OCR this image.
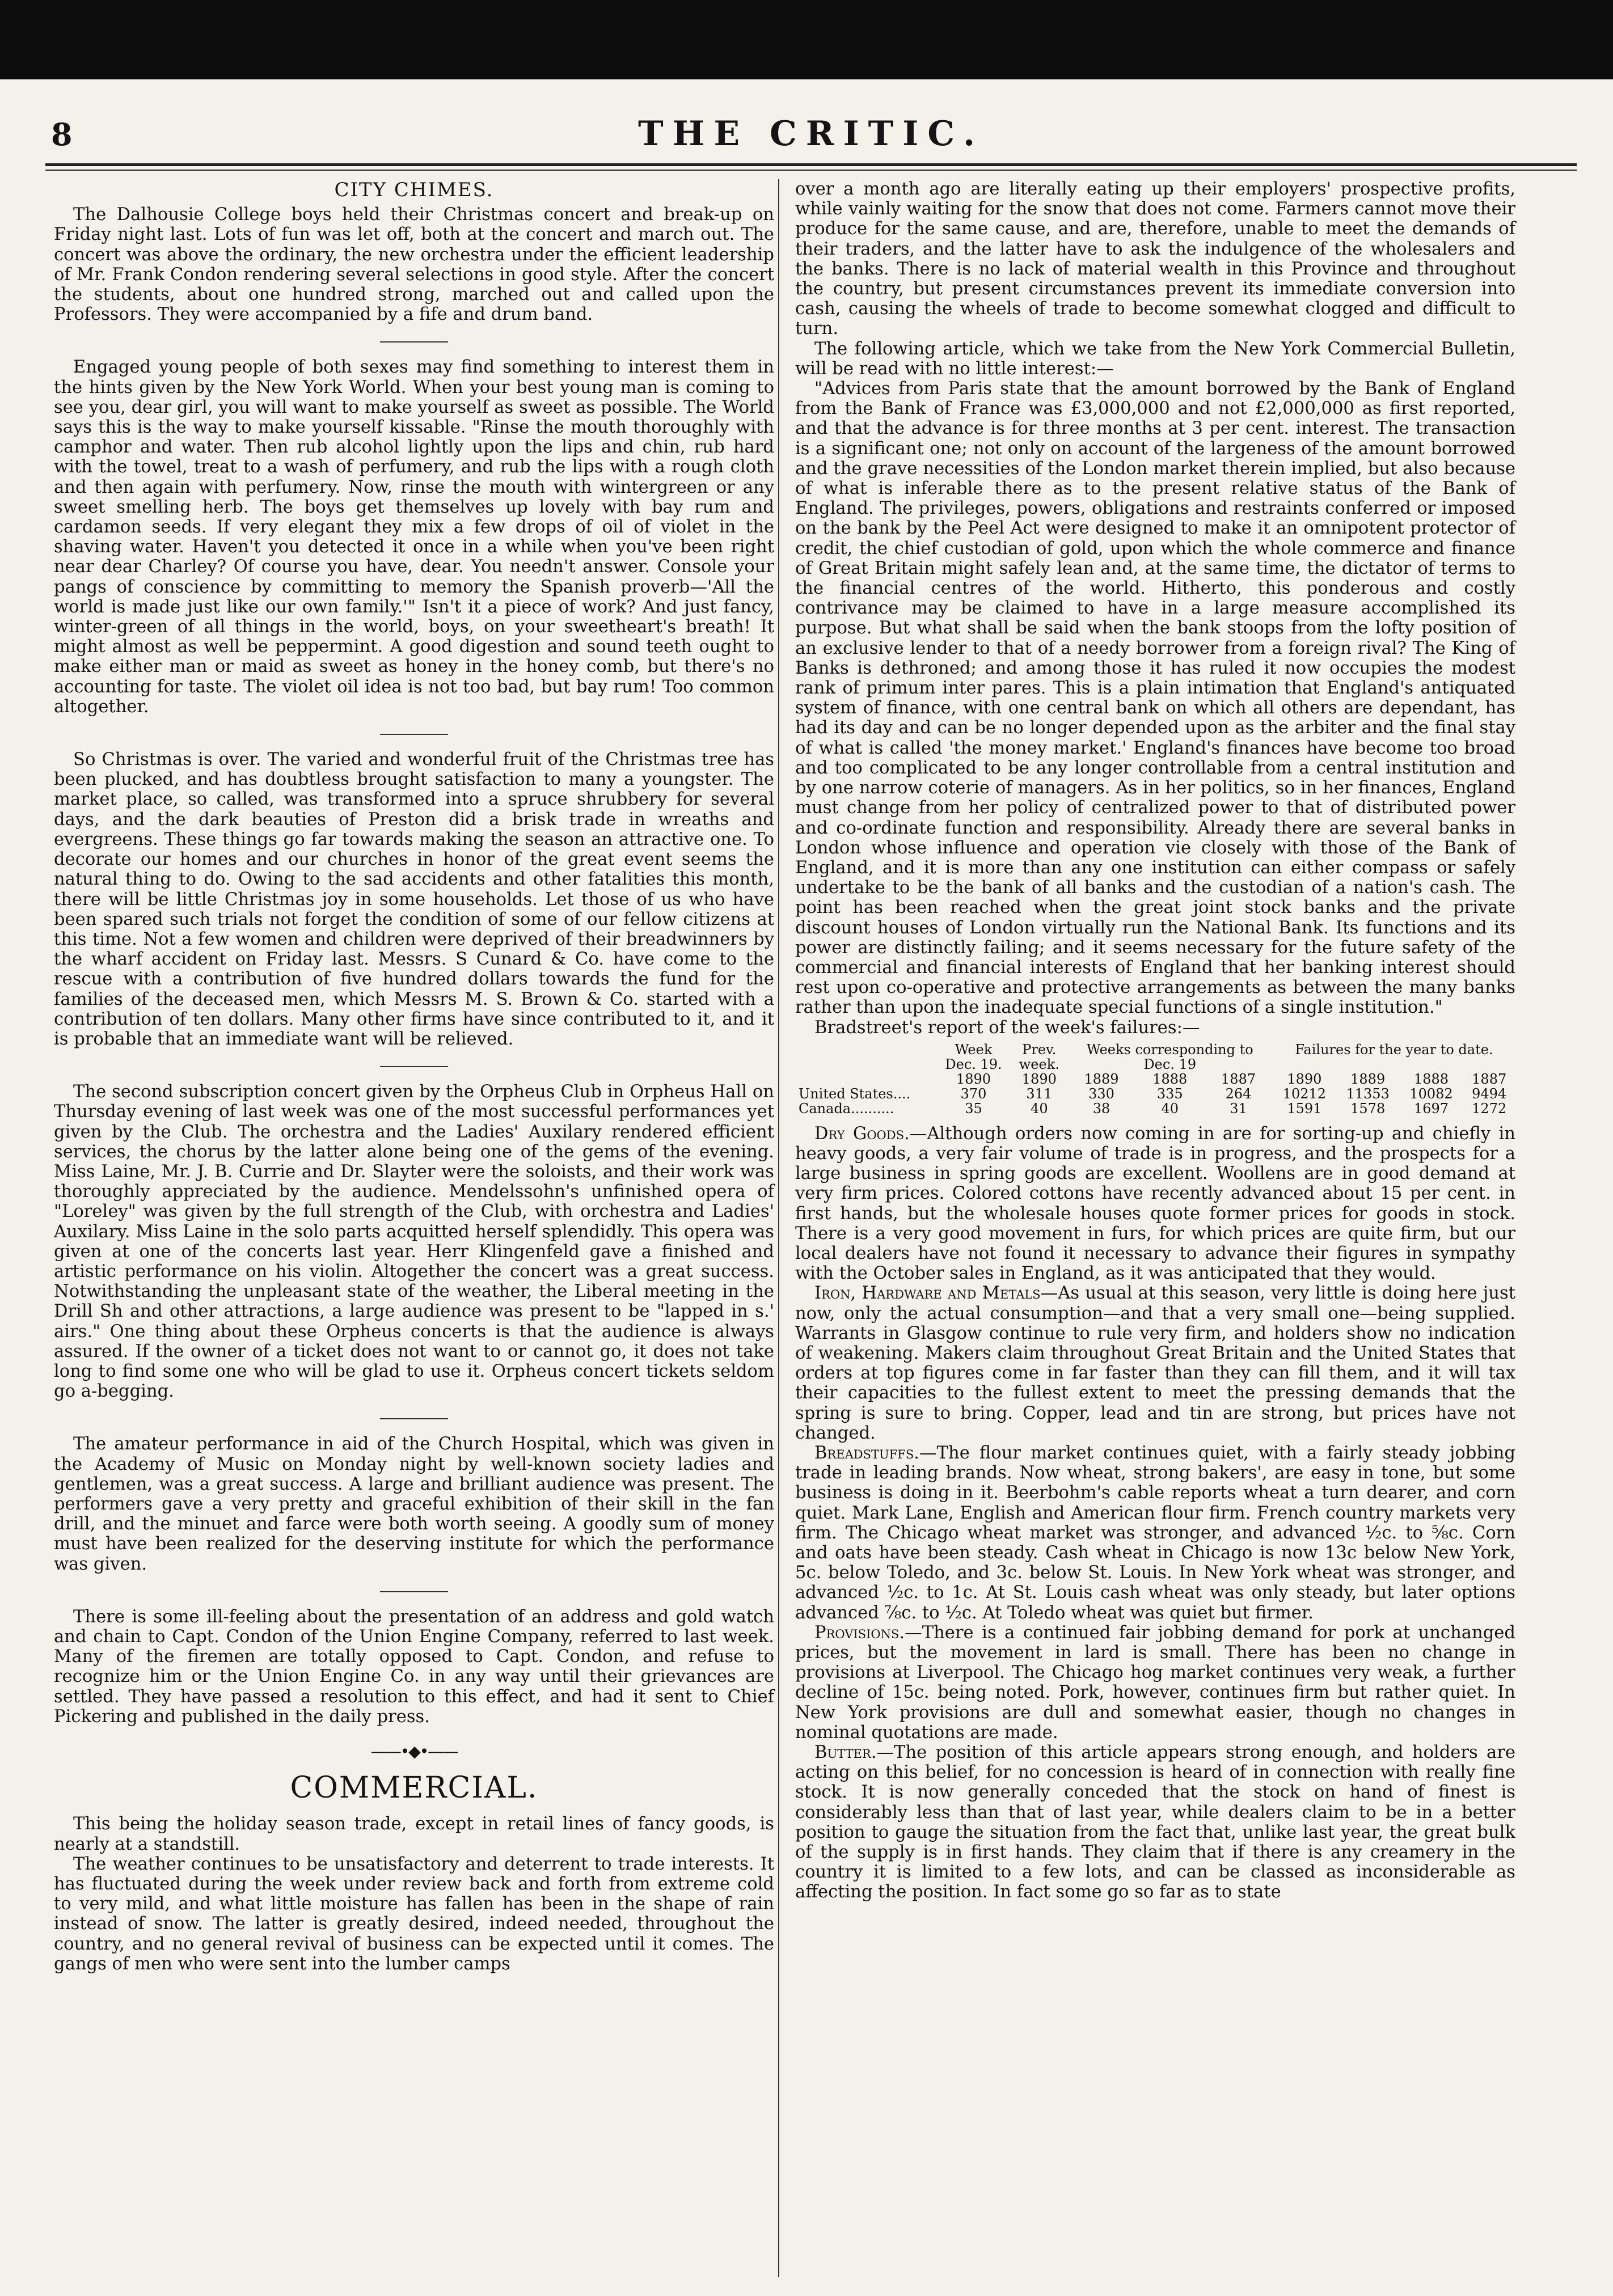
8	THE CRITIC.
CITY CHIMES.

The Dalhousie College boys held their Christmas concert and break-up on Friday night last. Lots of fun was let off, both at the concert and march out. The concert was above the ordinary, the new orchestra under the efficient leadership of Mr. Frank Condon rendering several selections in good style. After the concert the students, about one hundred strong, marched out and called upon the Professors. They were accompanied by a fife and drum band.

Engaged young people of both sexes may find something to interest them in the hints given by the New York World. When your best young man is coming to see you, dear girl, you will want to make yourself as sweet as possible. The World says this is the way to make yourself kissable. "Rinse the mouth thoroughly with camphor and water. Then rub alcohol lightly upon the lips and chin, rub hard with the towel, treat to a wash of perfumery, and rub the lips with a rough cloth and then again with perfumery. Now, rinse the mouth with wintergreen or any sweet smelling herb. The boys get themselves up lovely with bay rum and cardamon seeds. If very elegant they mix a few drops of oil of violet in the shaving water. Haven't you detected it once in a while when you've been right near dear Charley? Of course you have, dear. You needn't answer. Console your pangs of conscience by committing to memory the Spanish proverb—'All the world is made just like our own family.'" Isn't it a piece of work? And just fancy, winter-green of all things in the world, boys, on your sweetheart's breath! It might almost as well be peppermint. A good digestion and sound teeth ought to make either man or maid as sweet as honey in the honey comb, but there's no accounting for taste. The violet oil idea is not too bad, but bay rum! Too common altogether.

So Christmas is over. The varied and wonderful fruit of the Christmas tree has been plucked, and has doubtless brought satisfaction to many a youngster. The market place, so called, was transformed into a spruce shrubbery for several days, and the dark beauties of Preston did a brisk trade in wreaths and evergreens. These things go far towards making the season an attractive one. To decorate our homes and our churches in honor of the great event seems the natural thing to do. Owing to the sad accidents and other fatalities this month, there will be little Christmas joy in some households. Let those of us who have been spared such trials not forget the condition of some of our fellow citizens at this time. Not a few women and children were deprived of their breadwinners by the wharf accident on Friday last. Messrs. S Cunard & Co. have come to the rescue with a contribution of five hundred dollars towards the fund for the families of the deceased men, which Messrs M. S. Brown & Co. started with a contribution of ten dollars. Many other firms have since contributed to it, and it is probable that an immediate want will be relieved.

The second subscription concert given by the Orpheus Club in Orpheus Hall on Thursday evening of last week was one of the most successful performances yet given by the Club. The orchestra and the Ladies' Auxilary rendered efficient services, the chorus by the latter alone being one of the gems of the evening. Miss Laine, Mr. J. B. Currie and Dr. Slayter were the soloists, and their work was thoroughly appreciated by the audience. Mendelssohn's unfinished opera of "Loreley" was given by the full strength of the Club, with orchestra and Ladies' Auxilary. Miss Laine in the solo parts acquitted herself splendidly. This opera was given at one of the concerts last year. Herr Klingenfeld gave a finished and artistic performance on his violin. Altogether the concert was a great success. Notwithstanding the unpleasant state of the weather, the Liberal meeting in the Drill Sh and other attractions, a large audience was present to be "lapped in s.' airs." One thing about these Orpheus concerts is that the audience is always assured. If the owner of a ticket does not want to or cannot go, it does not take long to find some one who will be glad to use it. Orpheus concert tickets seldom go a-begging.

The amateur performance in aid of the Church Hospital, which was given in the Academy of Music on Monday night by well-known society ladies and gentlemen, was a great success. A large and brilliant audience was present. The performers gave a very pretty and graceful exhibition of their skill in the fan drill, and the minuet and farce were both worth seeing. A goodly sum of money must have been realized for the deserving institute for which the performance was given.

There is some ill-feeling about the presentation of an address and gold watch and chain to Capt. Condon of the Union Engine Company, referred to last week. Many of the firemen are totally opposed to Capt. Condon, and refuse to recognize him or the Union Engine Co. in any way until their grievances are settled. They have passed a resolution to this effect, and had it sent to Chief Pickering and published in the daily press.

——•◆•——
COMMERCIAL.

This being the holiday season trade, except in retail lines of fancy goods, is nearly at a standstill.

The weather continues to be unsatisfactory and deterrent to trade interests. It has fluctuated during the week under review back and forth from extreme cold to very mild, and what little moisture has fallen has been in the shape of rain instead of snow. The latter is greatly desired, indeed needed, throughout the country, and no general revival of business can be expected until it comes. The gangs of men who were sent into the lumber camps

over a month ago are literally eating up their employers' prospective profits, while vainly waiting for the snow that does not come. Farmers cannot move their produce for the same cause, and are, therefore, unable to meet the demands of their traders, and the latter have to ask the indulgence of the wholesalers and the banks. There is no lack of material wealth in this Province and throughout the country, but present circumstances prevent its immediate conversion into cash, causing the wheels of trade to become somewhat clogged and difficult to turn.

The following article, which we take from the New York Commercial Bulletin, will be read with no little interest:—

"Advices from Paris state that the amount borrowed by the Bank of England from the Bank of France was £3,000,000 and not £2,000,000 as first reported, and that the advance is for three months at 3 per cent. interest. The transaction is a significant one; not only on account of the largeness of the amount borrowed and the grave necessities of the London market therein implied, but also because of what is inferable there as to the present relative status of the Bank of England. The privileges, powers, obligations and restraints conferred or imposed on the bank by the Peel Act were designed to make it an omnipotent protector of credit, the chief custodian of gold, upon which the whole commerce and finance of Great Britain might safely lean and, at the same time, the dictator of terms to the financial centres of the world. Hitherto, this ponderous and costly contrivance may be claimed to have in a large measure accomplished its purpose. But what shall be said when the bank stoops from the lofty position of an exclusive lender to that of a needy borrower from a foreign rival? The King of Banks is dethroned; and among those it has ruled it now occupies the modest rank of primum inter pares. This is a plain intimation that England's antiquated system of finance, with one central bank on which all others are dependant, has had its day and can be no longer depended upon as the arbiter and the final stay of what is called 'the money market.' England's finances have become too broad and too complicated to be any longer controllable from a central institution and by one narrow coterie of managers. As in her politics, so in her finances, England must change from her policy of centralized power to that of distributed power and co-ordinate function and responsibility. Already there are several banks in London whose influence and operation vie closely with those of the Bank of England, and it is more than any one institution can either compass or safely undertake to be the bank of all banks and the custodian of a nation's cash. The point has been reached when the great joint stock banks and the private discount houses of London virtually run the National Bank. Its functions and its power are distinctly failing; and it seems necessary for the future safety of the commercial and financial interests of England that her banking interest should rest upon co-operative and protective arrangements as between the many banks rather than upon the inadequate special functions of a single institution."

Bradstreet's report of the week's failures:—

	Week	Prev.	Weeks corresponding to			Failures for the year to date.			
	Dec. 19.	week.	Dec. 19						
	1890	1890	1889	1888	1887	1890	1889	1888	1887
United States....	370	311	330	335	264	10212	11353	10082	9494
Canada..........	35	40	38	40	31	1591	1578	1697	1272

Dry Goods.—Although orders now coming in are for sorting-up and chiefly in heavy goods, a very fair volume of trade is in progress, and the prospects for a large business in spring goods are excellent. Woollens are in good demand at very firm prices. Colored cottons have recently advanced about 15 per cent. in first hands, but the wholesale houses quote former prices for goods in stock. There is a very good movement in furs, for which prices are quite firm, but our local dealers have not found it necessary to advance their figures in sympathy with the October sales in England, as it was anticipated that they would.

Iron, Hardware and Metals—As usual at this season, very little is doing here just now, only the actual consumption—and that a very small one—being supplied. Warrants in Glasgow continue to rule very firm, and holders show no indication of weakening. Makers claim throughout Great Britain and the United States that orders at top figures come in far faster than they can fill them, and it will tax their capacities to the fullest extent to meet the pressing demands that the spring is sure to bring. Copper, lead and tin are strong, but prices have not changed.

Breadstuffs.—The flour market continues quiet, with a fairly steady jobbing trade in leading brands. Now wheat, strong bakers', are easy in tone, but some business is doing in it. Beerbohm's cable reports wheat a turn dearer, and corn quiet. Mark Lane, English and American flour firm. French country markets very firm. The Chicago wheat market was stronger, and advanced ½c. to ⅝c. Corn and oats have been steady. Cash wheat in Chicago is now 13c below New York, 5c. below Toledo, and 3c. below St. Louis. In New York wheat was stronger, and advanced ½c. to 1c. At St. Louis cash wheat was only steady, but later options advanced ⅞c. to ½c. At Toledo wheat was quiet but firmer.

Provisions.—There is a continued fair jobbing demand for pork at unchanged prices, but the movement in lard is small. There has been no change in provisions at Liverpool. The Chicago hog market continues very weak, a further decline of 15c. being noted. Pork, however, continues firm but rather quiet. In New York provisions are dull and somewhat easier, though no changes in nominal quotations are made.

Butter.—The position of this article appears strong enough, and holders are acting on this belief, for no concession is heard of in connection with really fine stock. It is now generally conceded that the stock on hand of finest is considerably less than that of last year, while dealers claim to be in a better position to gauge the situation from the fact that, unlike last year, the great bulk of the supply is in first hands. They claim that if there is any creamery in the country it is limited to a few lots, and can be classed as inconsiderable as affecting the position. In fact some go so far as to state
